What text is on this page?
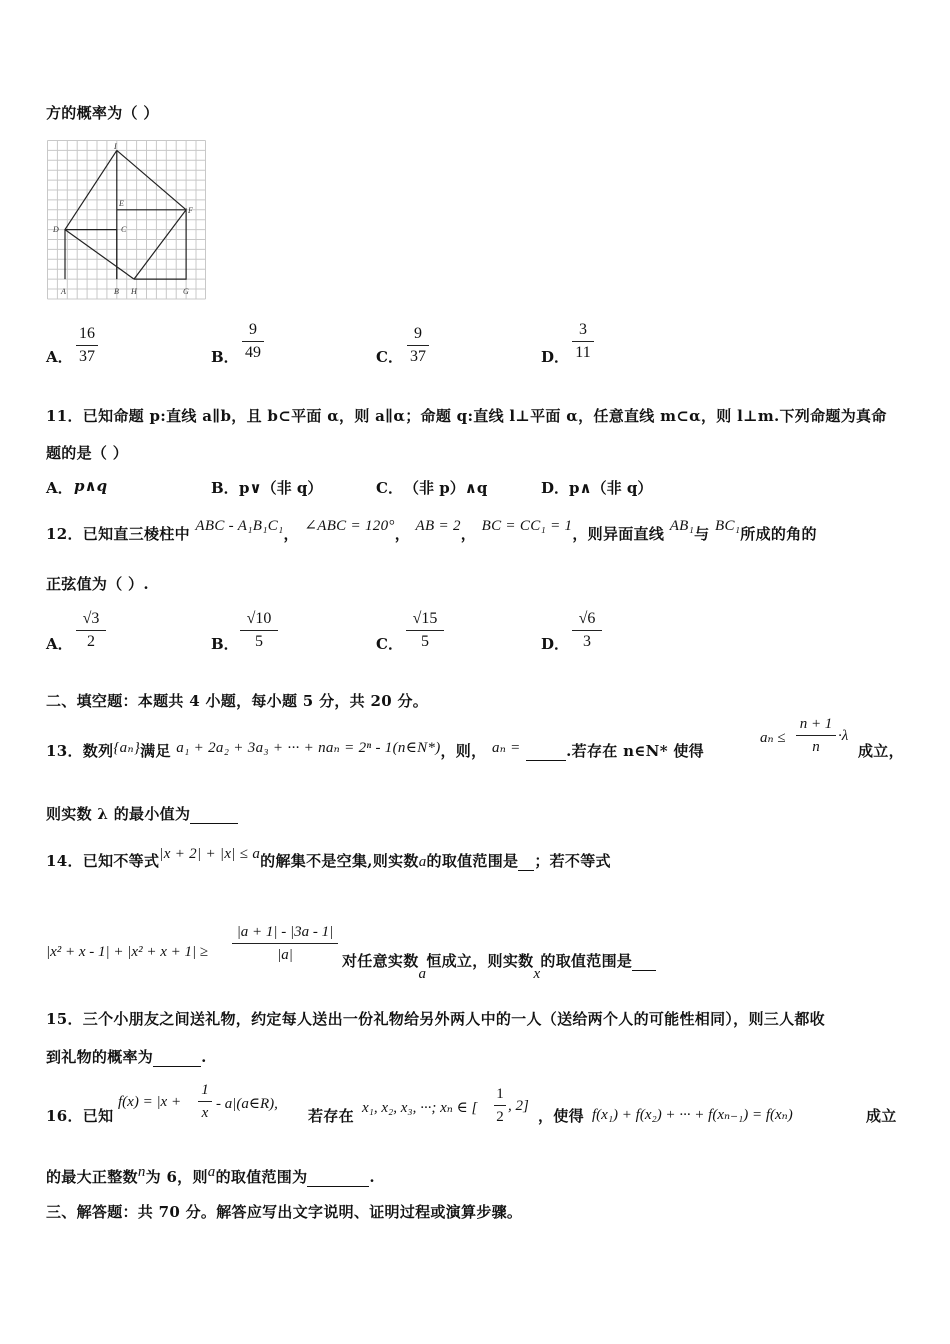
方的概率为（ ）
I
E
F
D	C
A	B H	G
A．
16
37	B．
9
49	C．
9
37	D．
3
11
11．已知命题 p:直线 a∥b，且 b⊂平面 α，则 a∥α；命题 q:直线 l⊥平面 α，任意直线 m⊂α，则 l⊥m.下列命题为真命
题的是（ ）
A． p∧q	B． p∨（非 q）	C． （非 p）∧q	D． p∧（非 q）
12．已知直三棱柱中 ABC - A₁B₁C₁， ∠ABC = 120°， AB = 2， BC = CC₁ = 1，则异面直线 AB₁与 BC₁所成的角的
正弦值为（ ）.
A．
√3
2	B．
√10
5	C．
√15
5	D．
√6
3
二、填空题：本题共 4 小题，每小题 5 分，共 20 分。
13．数列{aₙ}满足 a₁ + 2a₂ + 3a₃ + ··· + naₙ = 2ⁿ - 1(n∈N*)，则， aₙ =	.若存在 n∈N* 使得
aₙ ≤
n + 1
n
·λ
成立，
则实数 λ 的最小值为
14．已知不等式|x + 2| + |x| ≤ a的解集不是空集,则实数a的取值范围是 ；若不等式
|x² + x - 1| + |x² + x + 1| ≥
|a + 1| - |3a - 1|
|a|	对任意实数a恒成立，则实数x的取值范围是
15．三个小朋友之间送礼物，约定每人送出一份礼物给另外两人中的一人（送给两个人的可能性相同），则三人都收
到礼物的概率为	.
16．已知
f(x) = |x +
1
x
- a|(a∈R),
若存在 x₁, x₂, x₃, ···; xₙ ∈ [
1
2
, 2]
，使得 f(x₁) + f(x₂) + ··· + f(xₙ₋₁) = f(xₙ)	成立
的最大正整数n为 6，则a的取值范围为	.
三、解答题：共 70 分。解答应写出文字说明、证明过程或演算步骤。
